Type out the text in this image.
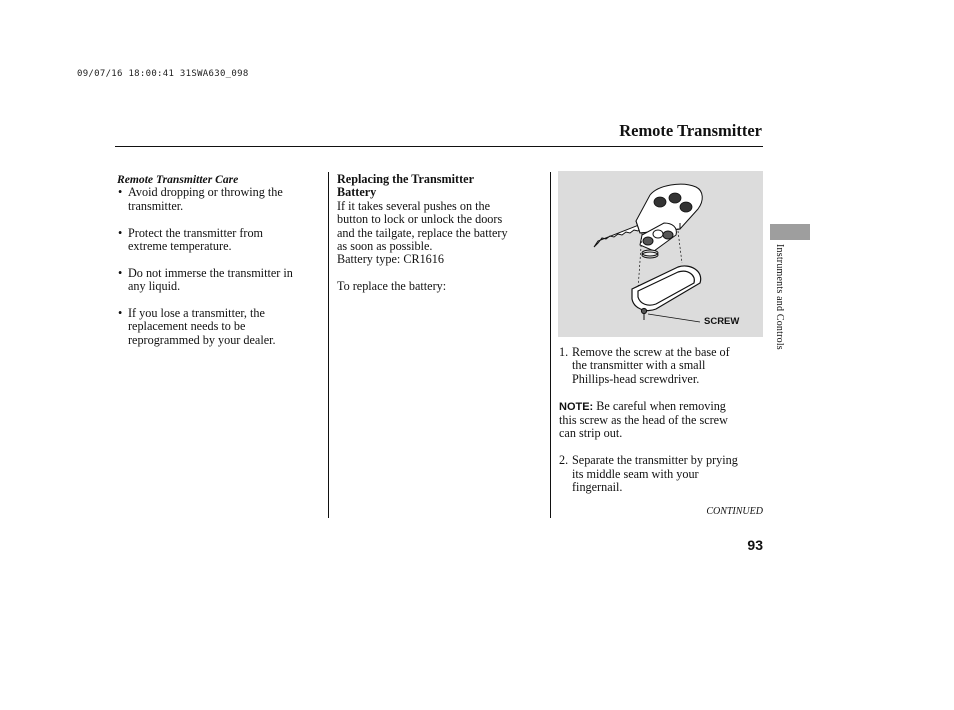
09/07/16 18:00:41 31SWA630_098
Remote Transmitter
Remote Transmitter Care
• Avoid dropping or throwing the
transmitter.
• Protect the transmitter from
extreme temperature.
• Do not immerse the transmitter in
any liquid.
• If you lose a transmitter, the
replacement needs to be
reprogrammed by your dealer.
Replacing the Transmitter
Battery
If it takes several pushes on the
button to lock or unlock the doors
and the tailgate, replace the battery
as soon as possible.
Battery type: CR1616
To replace the battery:
SCREW
1. Remove the screw at the base of
the transmitter with a small
Phillips-head screwdriver.
NOTE: Be careful when removing
this screw as the head of the screw
can strip out.
2. Separate the transmitter by prying
its middle seam with your
fingernail.
CONTINUED
93
Instruments and Controls
